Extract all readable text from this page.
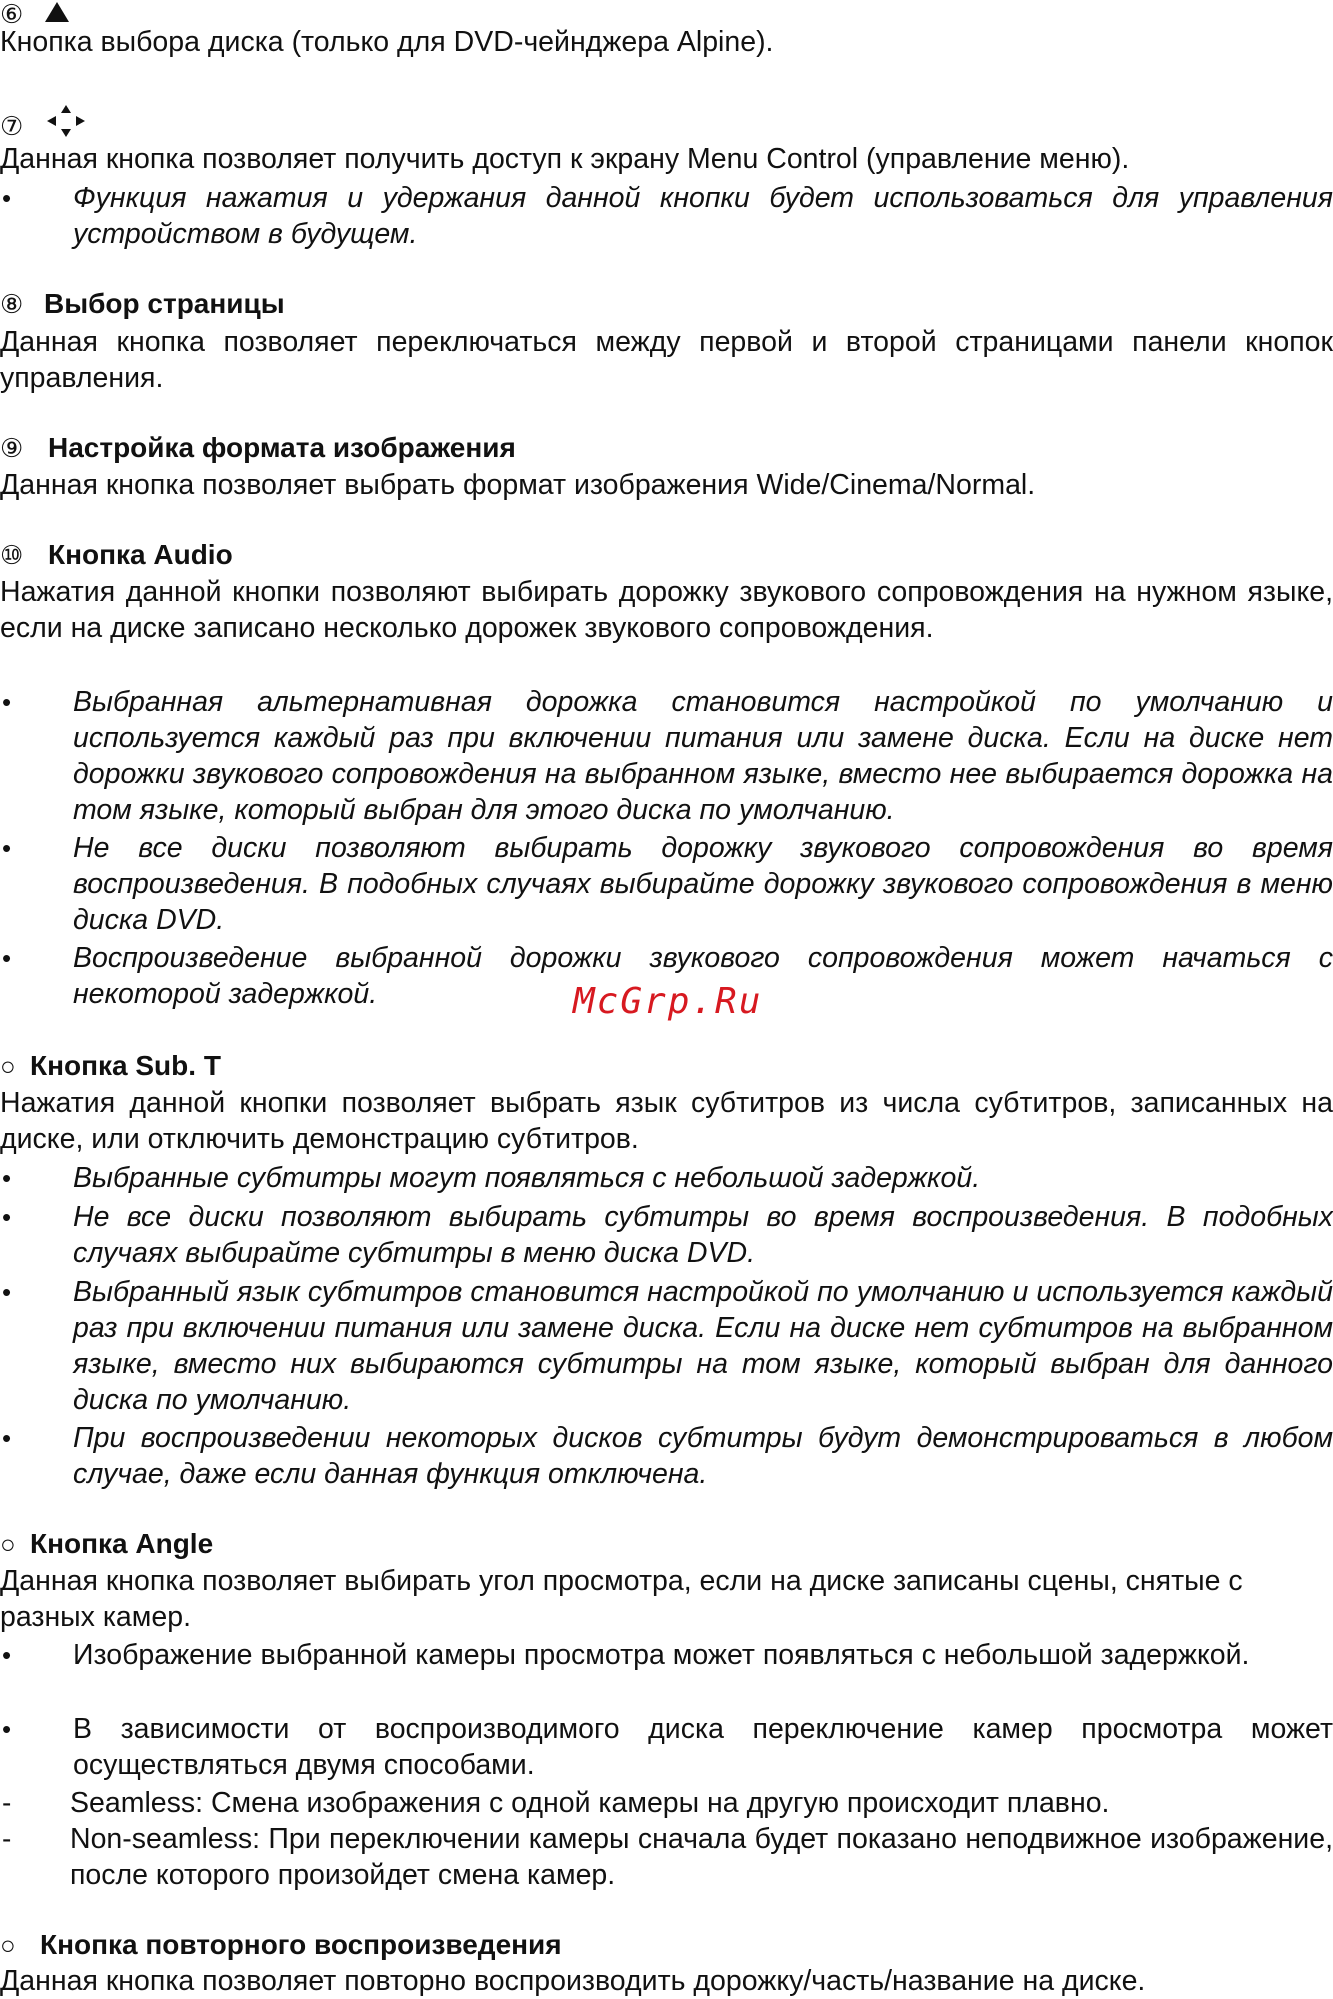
⑥
Кнопка выбора диска (только для DVD-чейнджера Alpine).
⑦
Данная кнопка позволяет получить доступ к экрану Menu Control (управление меню).
• Функция нажатия и удержания данной кнопки будет использоваться для управления устройством в будущем.
⑧ Выбор страницы
Данная кнопка позволяет переключаться между первой и второй страницами панели кнопок управления.
⑨ Настройка формата изображения
Данная кнопка позволяет выбрать формат изображения Wide/Cinema/Normal.
⑩ Кнопка Audio
Нажатия данной кнопки позволяют выбирать дорожку звукового сопровождения на нужном языке, если на диске записано несколько дорожек звукового сопровождения.
• Выбранная альтернативная дорожка становится настройкой по умолчанию и используется каждый раз при включении питания или замене диска. Если на диске нет дорожки звукового сопровождения на выбранном языке, вместо нее выбирается дорожка на том языке, который выбран для этого диска по умолчанию.
• Не все диски позволяют выбирать дорожку звукового сопровождения во время воспроизведения. В подобных случаях выбирайте дорожку звукового сопровождения в меню диска DVD.
• Воспроизведение выбранной дорожки звукового сопровождения может начаться с некоторой задержкой.	McGrp.Ru
○ Кнопка Sub. T
Нажатия данной кнопки позволяет выбрать язык субтитров из числа субтитров, записанных на диске, или отключить демонстрацию субтитров.
• Выбранные субтитры могут появляться с небольшой задержкой.
• Не все диски позволяют выбирать субтитры во время воспроизведения. В подобных случаях выбирайте субтитры в меню диска DVD.
• Выбранный язык субтитров становится настройкой по умолчанию и используется каждый раз при включении питания или замене диска. Если на диске нет субтитров на выбранном языке, вместо них выбираются субтитры на том языке, который выбран для данного диска по умолчанию.
• При воспроизведении некоторых дисков субтитры будут демонстрироваться в любом случае, даже если данная функция отключена.
○ Кнопка Angle
Данная кнопка позволяет выбирать угол просмотра, если на диске записаны сцены, снятые с разных камер.
• Изображение выбранной камеры просмотра может появляться с небольшой задержкой.
• В зависимости от воспроизводимого диска переключение камер просмотра может осуществляться двумя способами.
- Seamless: Смена изображения с одной камеры на другую происходит плавно.
- Non-seamless: При переключении камеры сначала будет показано неподвижное изображение, после которого произойдет смена камер.
○ Кнопка повторного воспроизведения
Данная кнопка позволяет повторно воспроизводить дорожку/часть/название на диске.
